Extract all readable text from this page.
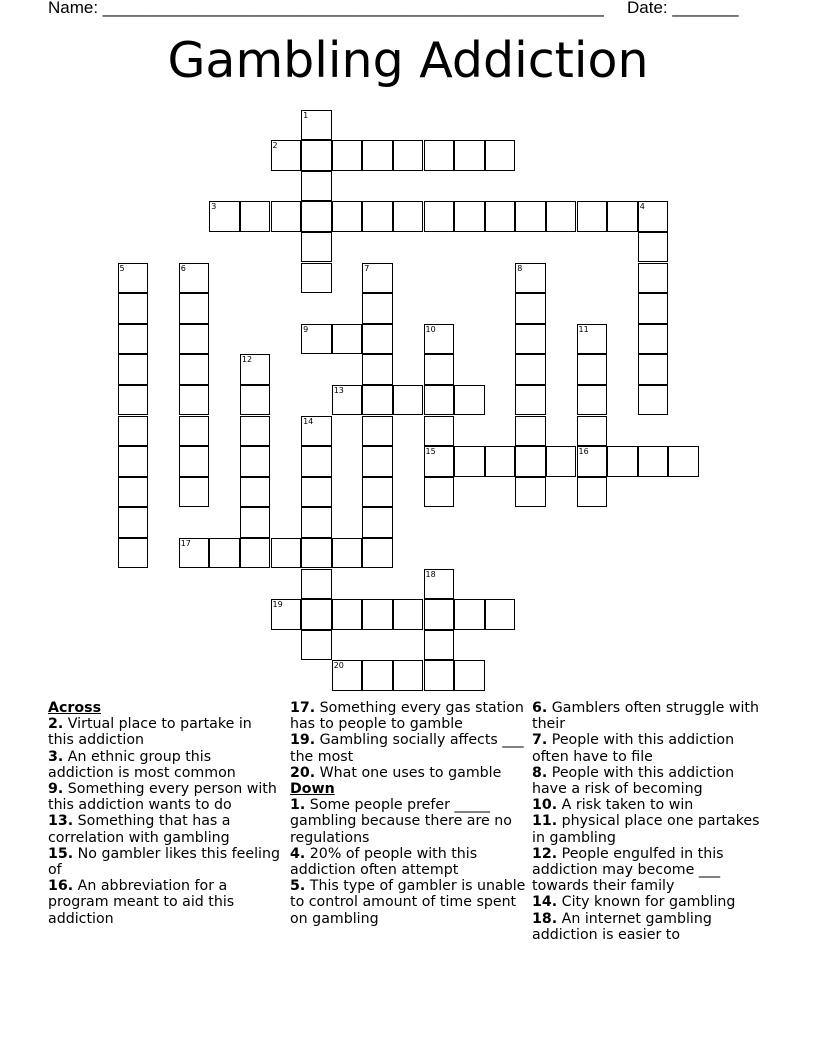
Name: _____________________________________________________ Date: _______
Gambling Addiction
1
2
3	4
5	6	7	8
9	10	11
12
13
14
15	16
17
18
19
20
Across

2. Virtual place to partake in this addiction

3. An ethnic group this addiction is most common

9. Something every person with this addiction wants to do

13. Something that has a correlation with gambling

15. No gambler likes this feeling of

16. An abbreviation for a program meant to aid this addiction

17. Something every gas station has to people to gamble

19. Gambling socially affects ___ the most

20. What one uses to gamble

Down

1. Some people prefer _____ gambling because there are no regulations

4. 20% of people with this addiction often attempt

5. This type of gambler is unable to control amount of time spent on gambling

6. Gamblers often struggle with their

7. People with this addiction often have to file

8. People with this addiction have a risk of becoming

10. A risk taken to win

11. physical place one partakes in gambling

12. People engulfed in this addiction may become ___ towards their family

14. City known for gambling

18. An internet gambling addiction is easier to
